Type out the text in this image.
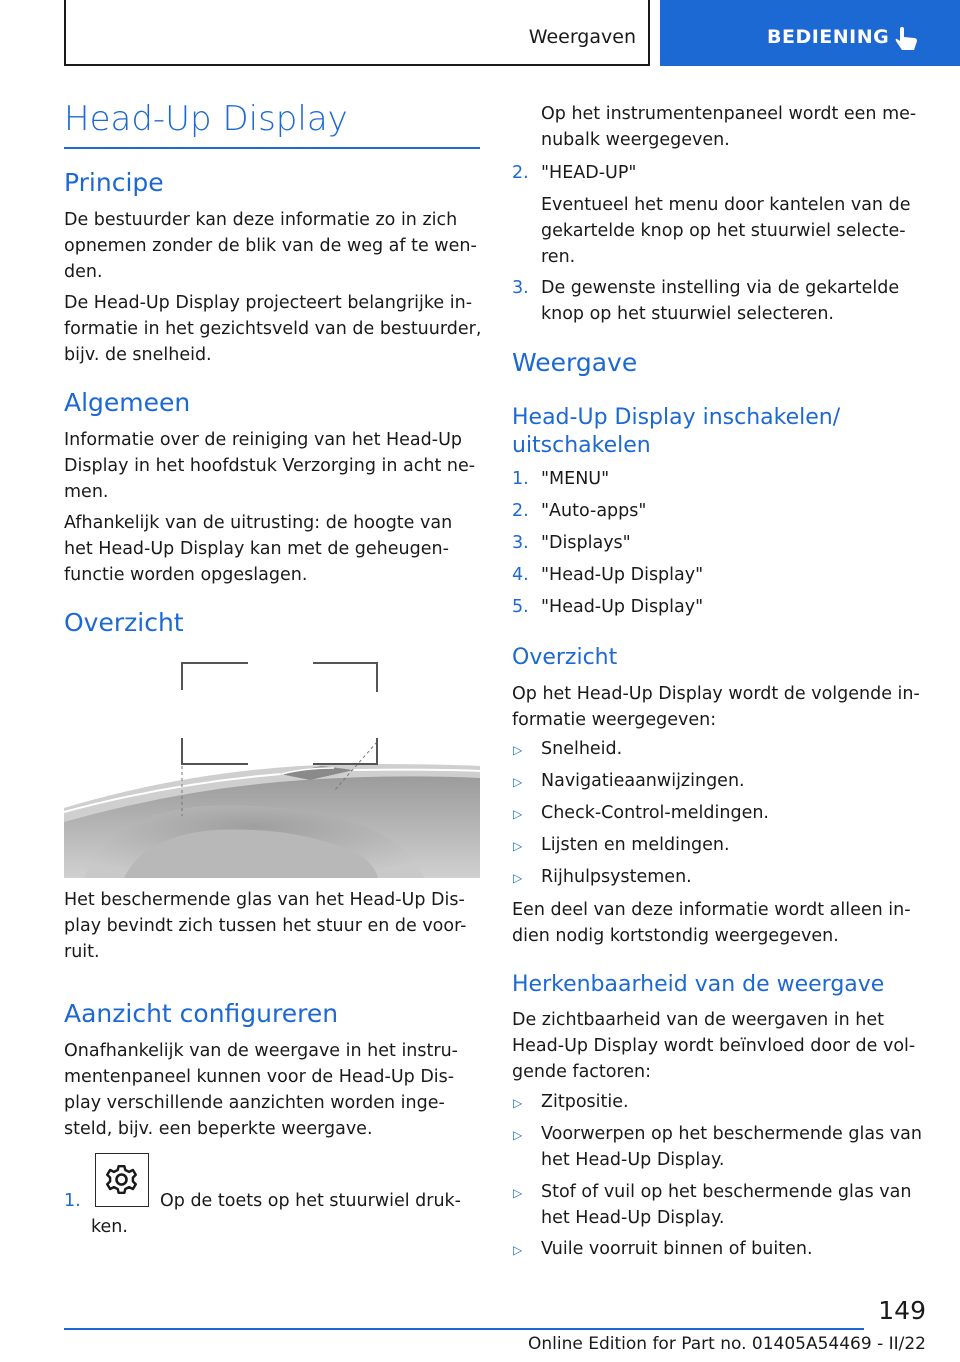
Weergaven	BEDIENING
Head-Up Display
Principe
De bestuurder kan deze informatie zo in zich
opnemen zonder de blik van de weg af te wen-
den.
De Head-Up Display projecteert belangrijke in-
formatie in het gezichtsveld van de bestuurder,
bijv. de snelheid.
Algemeen
Informatie over de reiniging van het Head-Up
Display in het hoofdstuk Verzorging in acht ne-
men.
Afhankelijk van de uitrusting: de hoogte van
het Head-Up Display kan met de geheugen-
functie worden opgeslagen.
Overzicht
Het beschermende glas van het Head-Up Dis-
play bevindt zich tussen het stuur en de voor-
ruit.
Aanzicht configureren
Onafhankelijk van de weergave in het instru-
mentenpaneel kunnen voor de Head-Up Dis-
play verschillende aanzichten worden inge-
steld, bijv. een beperkte weergave.
1.	Op de toets op het stuurwiel druk-
ken.
Op het instrumentenpaneel wordt een me-
nubalk weergegeven.
2. "HEAD-UP"
Eventueel het menu door kantelen van de
gekartelde knop op het stuurwiel selecte-
ren.
3. De gewenste instelling via de gekartelde
knop op het stuurwiel selecteren.
Weergave
Head-Up Display inschakelen/
uitschakelen
1. "MENU"
2. "Auto-apps"
3. "Displays"
4. "Head-Up Display"
5. "Head-Up Display"
Overzicht
Op het Head-Up Display wordt de volgende in-
formatie weergegeven:
▷ Snelheid.
▷ Navigatieaanwijzingen.
▷ Check-Control-meldingen.
▷ Lijsten en meldingen.
▷ Rijhulpsystemen.
Een deel van deze informatie wordt alleen in-
dien nodig kortstondig weergegeven.
Herkenbaarheid van de weergave
De zichtbaarheid van de weergaven in het
Head-Up Display wordt beïnvloed door de vol-
gende factoren:
▷ Zitpositie.
▷ Voorwerpen op het beschermende glas van
het Head-Up Display.
▷ Stof of vuil op het beschermende glas van
het Head-Up Display.
▷ Vuile voorruit binnen of buiten.
149
Online Edition for Part no. 01405A54469 - II/22
